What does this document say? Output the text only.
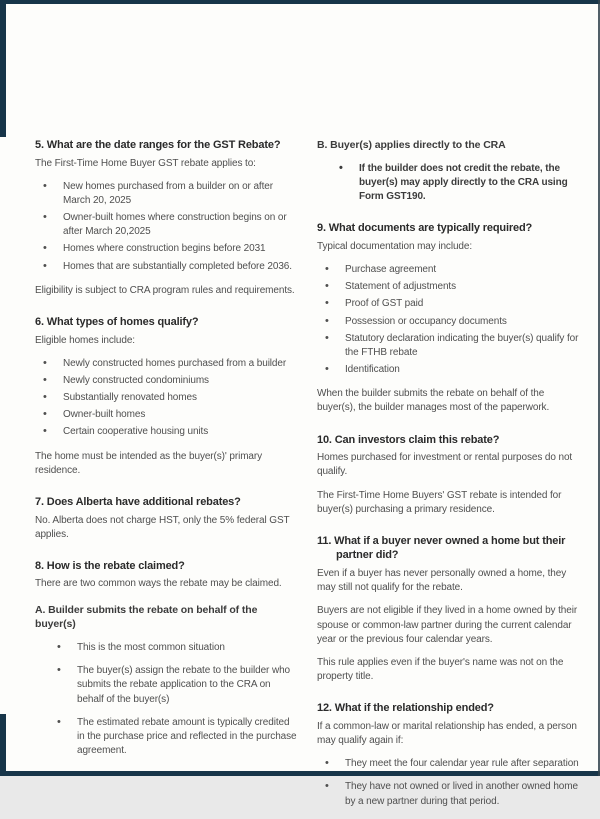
5. What are the date ranges for the GST Rebate?

The First-Time Home Buyer GST rebate applies to:

• New homes purchased from a builder on or after March 20, 2025
• Owner-built homes where construction begins on or after March 20,2025
• Homes where construction begins before 2031
• Homes that are substantially completed before 2036.

Eligibility is subject to CRA program rules and requirements.

6. What types of homes qualify?

Eligible homes include:

• Newly constructed homes purchased from a builder
• Newly constructed condominiums
• Substantially renovated homes
• Owner-built homes
• Certain cooperative housing units

The home must be intended as the buyer(s)' primary residence.

7. Does Alberta have additional rebates?

No. Alberta does not charge HST, only the 5% federal GST applies.

8. How is the rebate claimed?

There are two common ways the rebate may be claimed.

A. Builder submits the rebate on behalf of the buyer(s)

• This is the most common situation
• The buyer(s) assign the rebate to the builder who submits the rebate application to the CRA on behalf of the buyer(s)
• The estimated rebate amount is typically credited in the purchase price and reflected in the purchase agreement.

B. Buyer(s) applies directly to the CRA

• If the builder does not credit the rebate, the buyer(s) may apply directly to the CRA using Form GST190.
9. What documents are typically required?

Typical documentation may include:

• Purchase agreement
• Statement of adjustments
• Proof of GST paid
• Possession or occupancy documents
• Statutory declaration indicating the buyer(s) qualify for the FTHB rebate
• Identification

When the builder submits the rebate on behalf of the buyer(s), the builder manages most of the paperwork.

10. Can investors claim this rebate?

Homes purchased for investment or rental purposes do not qualify.

The First-Time Home Buyers' GST rebate is intended for buyer(s) purchasing a primary residence.

11. What if a buyer never owned a home but their partner did?

Even if a buyer has never personally owned a home, they may still not qualify for the rebate.

Buyers are not eligible if they lived in a home owned by their spouse or common-law partner during the current calendar year or the previous four calendar years.

This rule applies even if the buyer's name was not on the property title.

12. What if the relationship ended?

If a common-law or marital relationship has ended, a person may qualify again if:

• They meet the four calendar year rule after separation
• They have not owned or lived in another owned home by a new partner during that period.
